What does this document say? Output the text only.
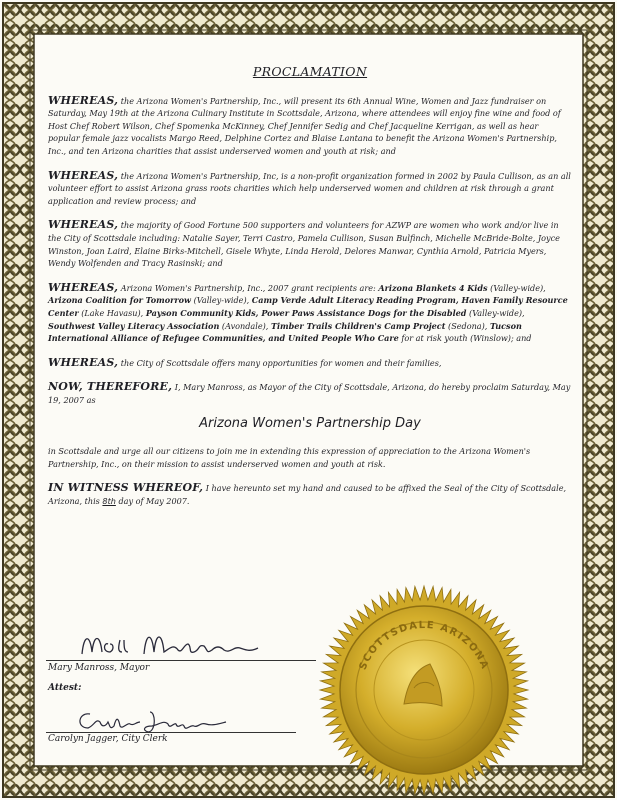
PROCLAMATION

WHEREAS, the Arizona Women's Partnership, Inc., will present its 6th Annual Wine, Women and Jazz fundraiser on Saturday, May 19th at the Arizona Culinary Institute in Scottsdale, Arizona, where attendees will enjoy fine wine and food of Host Chef Robert Wilson, Chef Spomenka McKinney, Chef Jennifer Sedig and Chef Jacqueline Kerrigan, as well as hear popular female jazz vocalists Margo Reed, Delphine Cortez and Blaise Lantana to benefit the Arizona Women's Partnership, Inc., and ten Arizona charities that assist underserved women and youth at risk; and

WHEREAS, the Arizona Women's Partnership, Inc, is a non-profit organization formed in 2002 by Paula Cullison, as an all volunteer effort to assist Arizona grass roots charities which help underserved women and children at risk through a grant application and review process; and

WHEREAS, the majority of Good Fortune 500 supporters and volunteers for AZWP are women who work and/or live in the City of Scottsdale including: Natalie Sayer, Terri Castro, Pamela Cullison, Susan Bulfinch, Michelle McBride-Bolte, Joyce Winston, Joan Laird, Elaine Birks-Mitchell, Gisele Whyte, Linda Herold, Delores Manwar, Cynthia Arnold, Patricia Myers, Wendy Wolfenden and Tracy Rasinski; and

WHEREAS, Arizona Women's Partnership, Inc., 2007 grant recipients are: Arizona Blankets 4 Kids (Valley-wide), Arizona Coalition for Tomorrow (Valley-wide), Camp Verde Adult Literacy Reading Program, Haven Family Resource Center (Lake Havasu), Payson Community Kids, Power Paws Assistance Dogs for the Disabled (Valley-wide), Southwest Valley Literacy Association (Avondale), Timber Trails Children's Camp Project (Sedona), Tucson International Alliance of Refugee Communities, and United People Who Care for at risk youth (Winslow); and

WHEREAS, the City of Scottsdale offers many opportunities for women and their families,

NOW, THEREFORE, I, Mary Manross, as Mayor of the City of Scottsdale, Arizona, do hereby proclaim Saturday, May 19, 2007 as

Arizona Women's Partnership Day

in Scottsdale and urge all our citizens to join me in extending this expression of appreciation to the Arizona Women's Partnership, Inc., on their mission to assist underserved women and youth at risk.

IN WITNESS WHEREOF, I have hereunto set my hand and caused to be affixed the Seal of the City of Scottsdale, Arizona, this 8th day of May 2007.

Mary Manross, Mayor
Attest:
Carolyn Jagger, City Clerk
SCOTTSDALE ARIZONA
